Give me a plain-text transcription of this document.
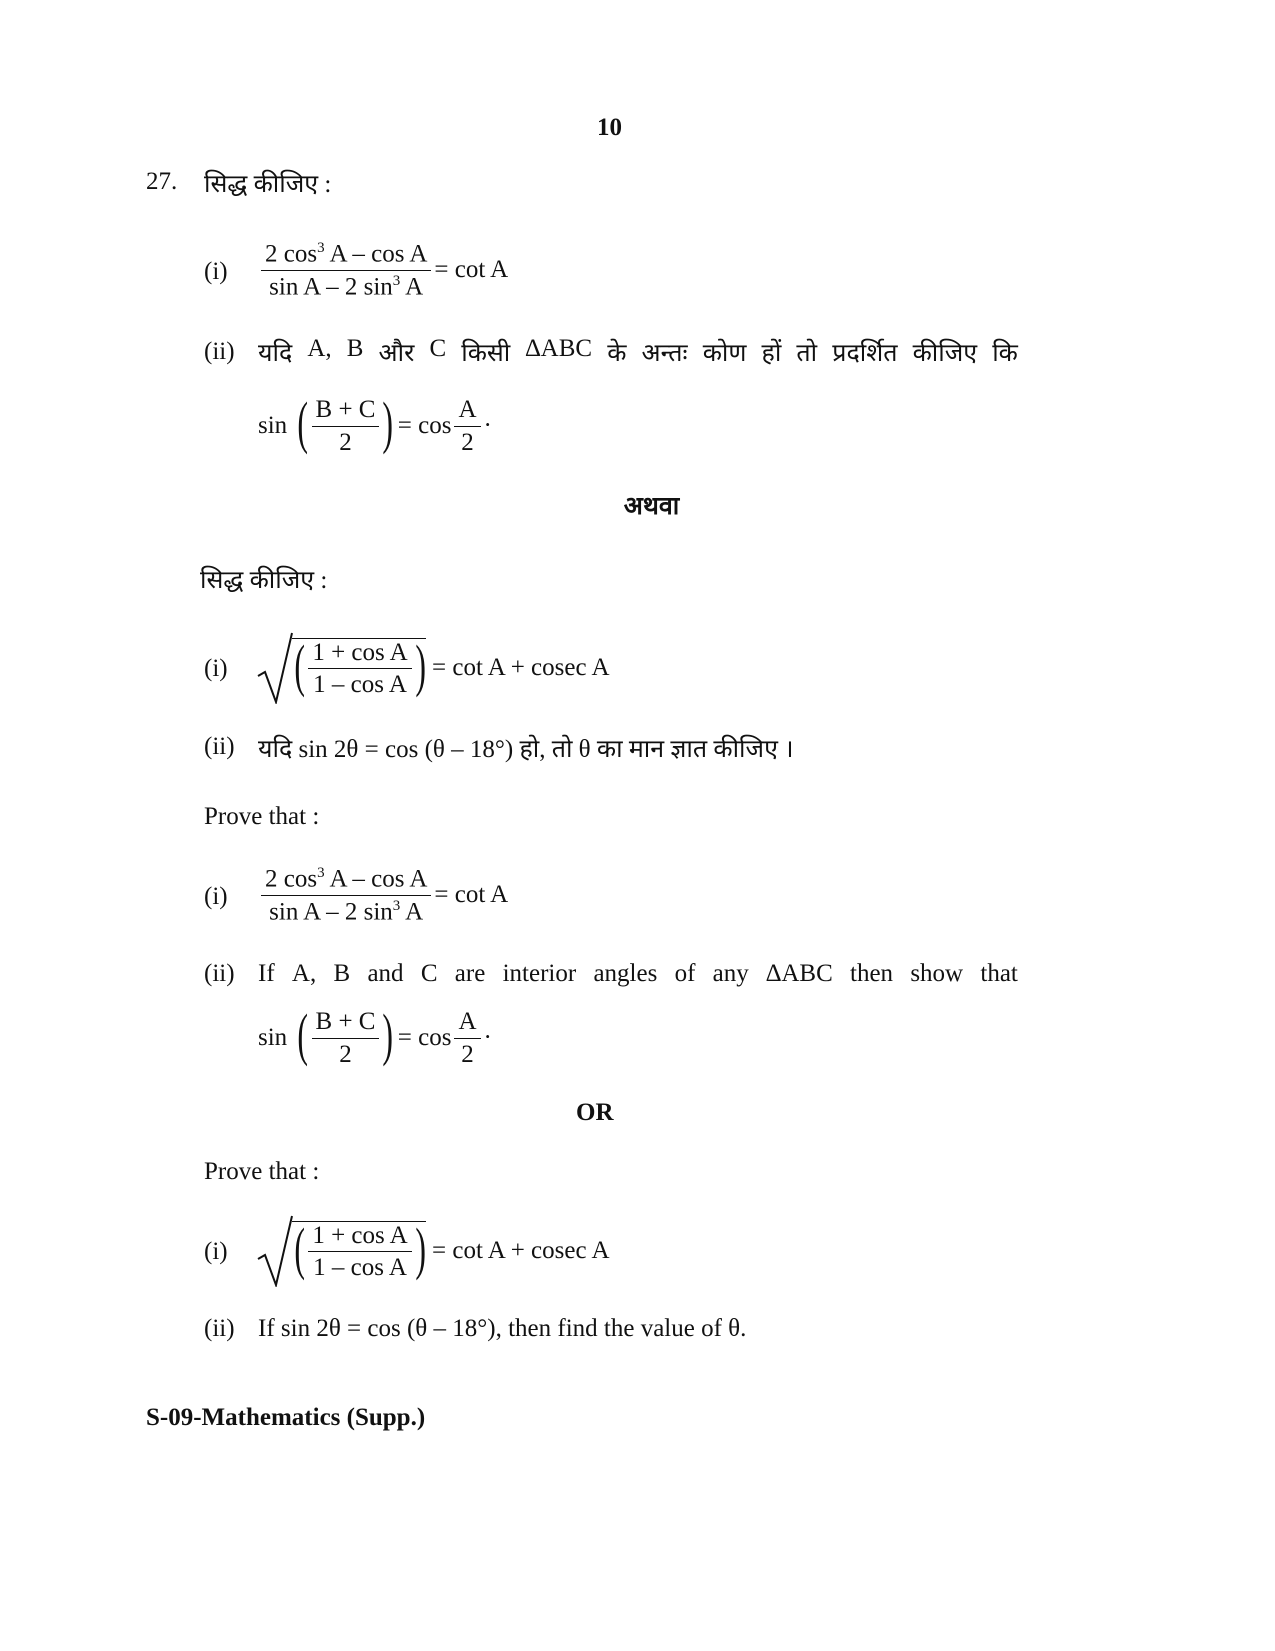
10
27. सिद्ध कीजिए :
$(i) \frac{2 \cos^3 A - \cos A}{\sin A - 2 \sin^3 A} = \cot A$
(ii) यदि A, B और C किसी ∆ABC के अन्तः कोण हों तो प्रदर्शित कीजिए कि
sin ( $\frac{B + C}{2}$ ) = $\cos \frac{A}{2}$ ·
अथवा
सिद्ध कीजिए :
(i) ( $\frac{\text{1 + cos A}}{\text{1 – cos A}}$ ) = cot A + cosec A
(ii) यदि sin 2θ = cos (θ – 18°) हो, तो θ का मान ज्ञात कीजिए ।
Prove that :
$(i) \frac{2 \cos^3 A - \cos A}{\sin A - 2 \sin^3 A} = \cot A$
(ii) If A, B and C are interior angles of any ∆ABC then show that
sin ( $\frac{B + C}{2}$ ) = $\cos \frac{A}{2}$ ·
OR
Prove that :
(i) ( $\frac{\text{1 + cos A}}{\text{1 – cos A}}$ ) = cot A + cosec A
(ii) If sin 2θ = cos (θ – 18°), then find the value of θ.
S-09-Mathematics (Supp.)
